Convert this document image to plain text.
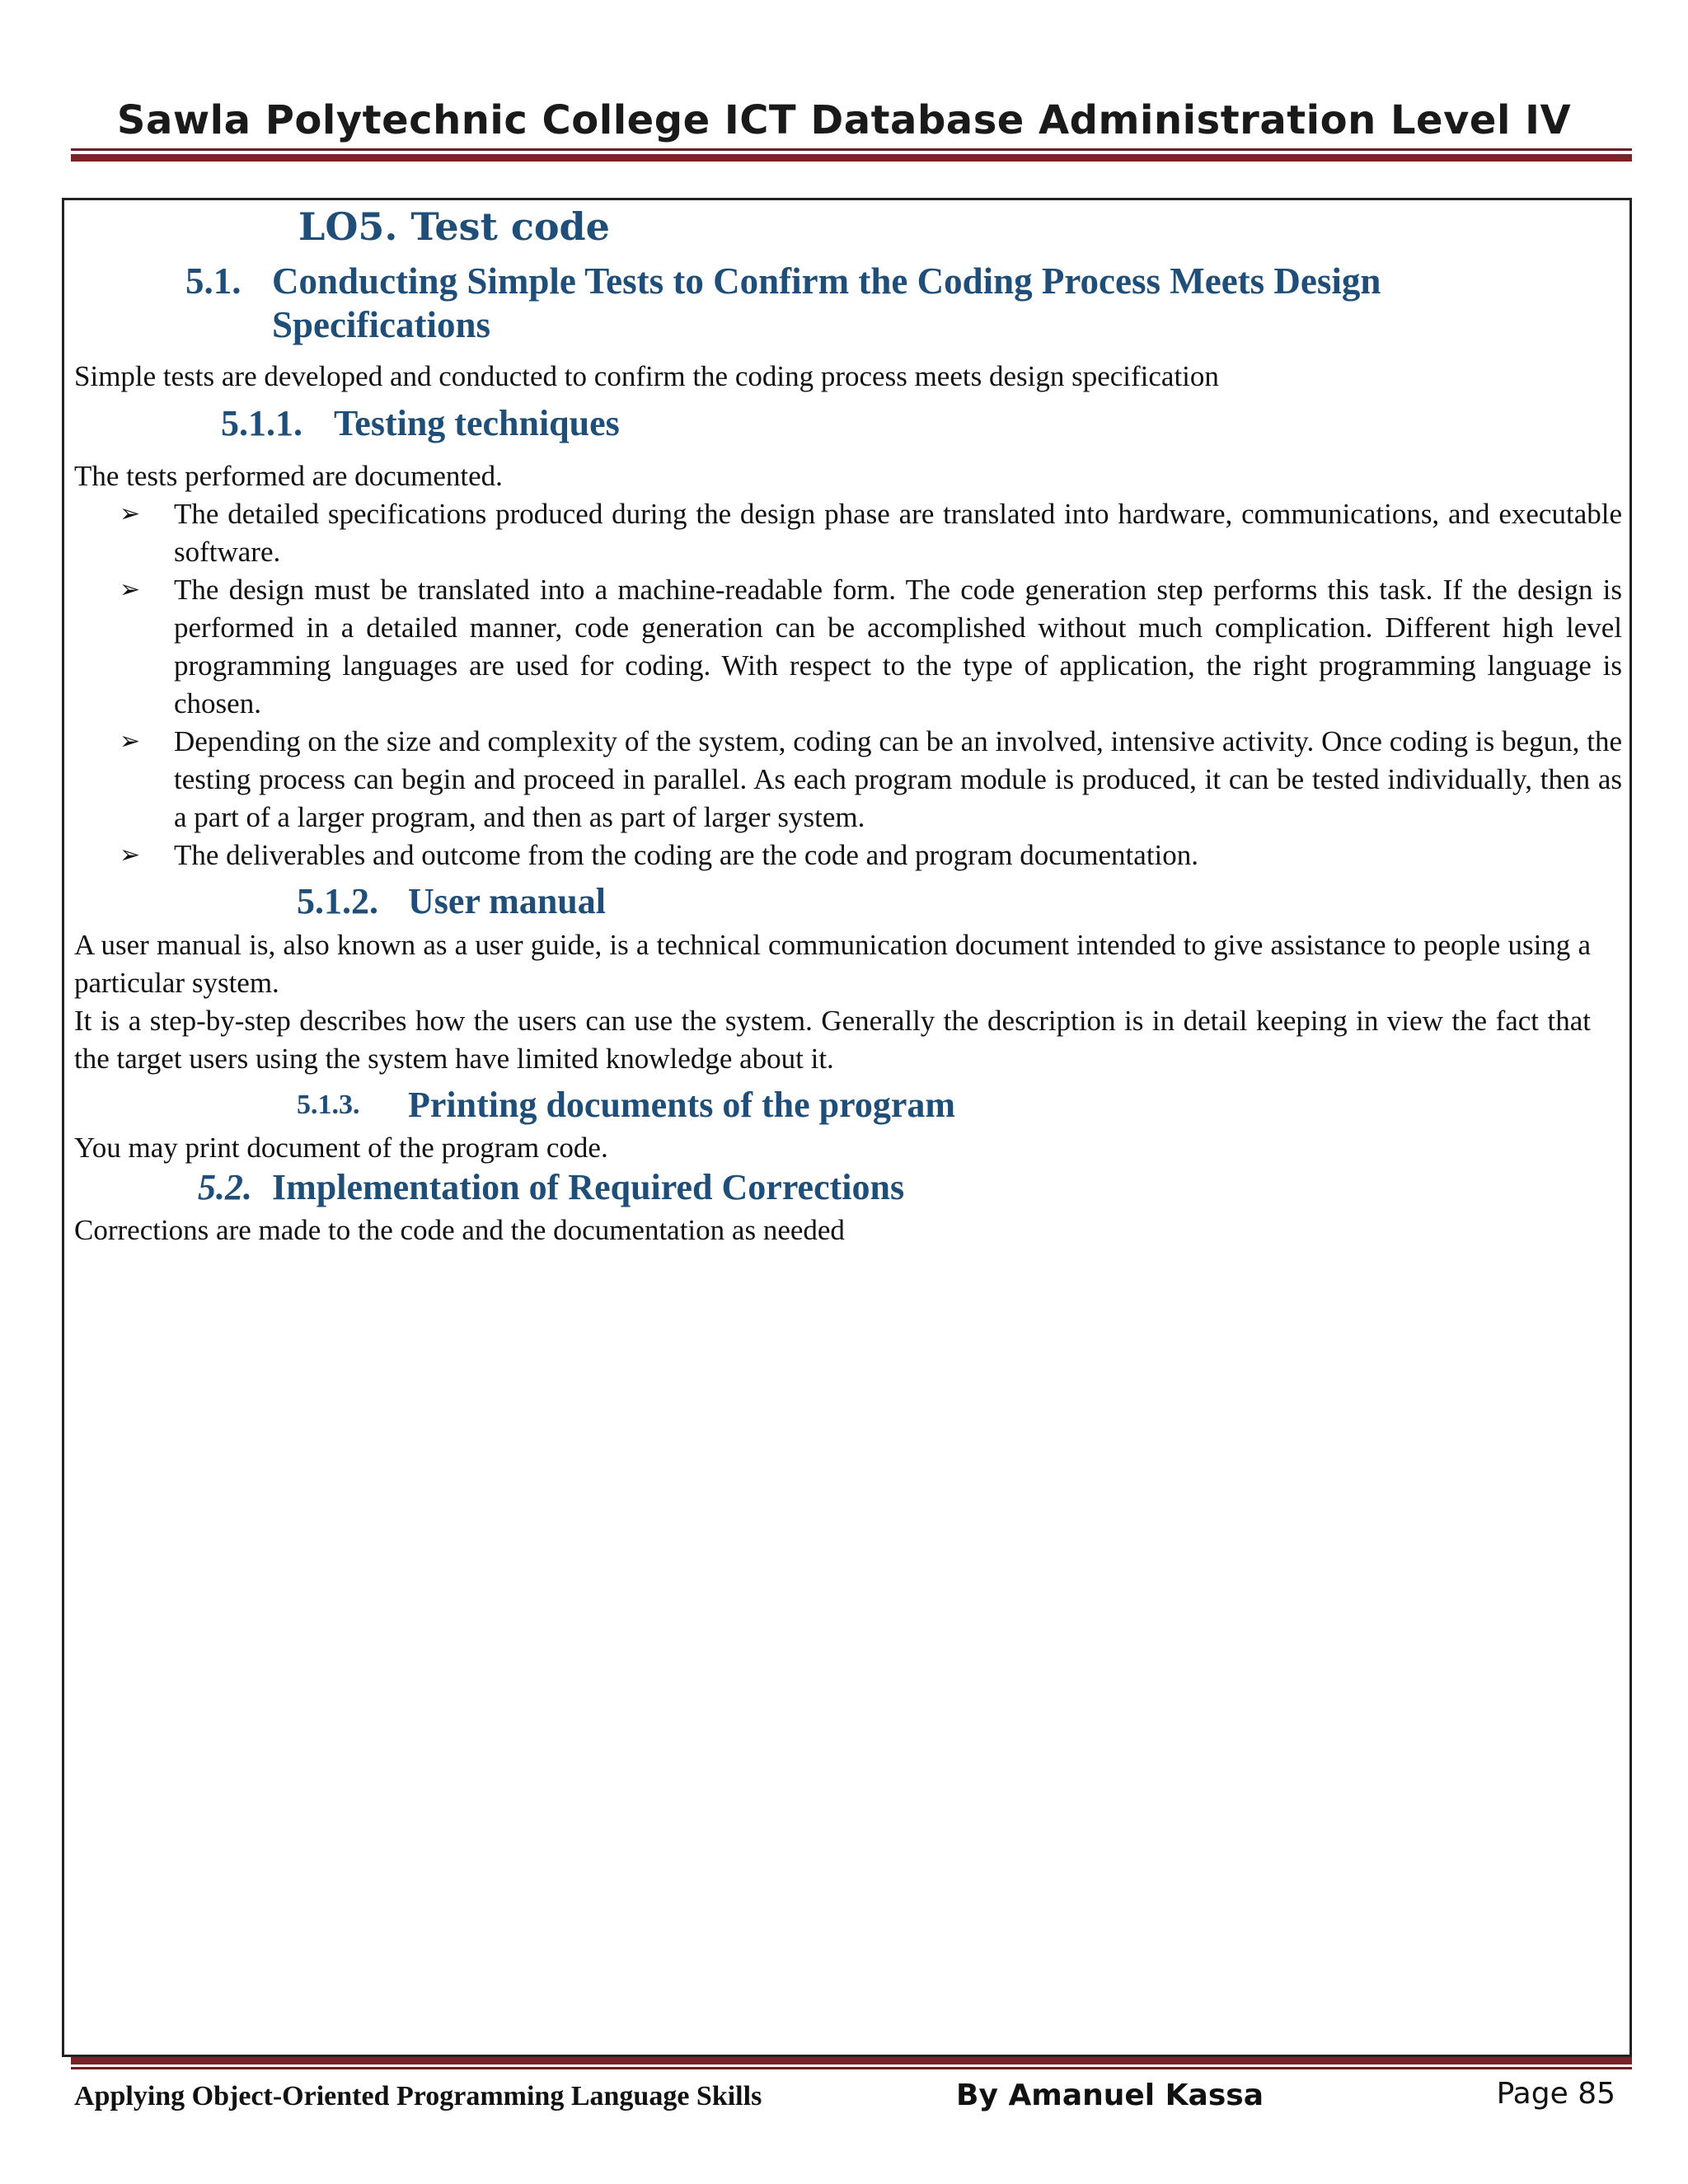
Sawla Polytechnic College ICT Database Administration Level IV
LO5. Test code
5.1. Conducting Simple Tests to Confirm the Coding Process Meets Design
Specifications
Simple tests are developed and conducted to confirm the coding process meets design specification
5.1.1. Testing techniques
The tests performed are documented.
➢ The detailed specifications produced during the design phase are translated into hardware, communications, and executable software.
➢ The design must be translated into a machine-readable form. The code generation step performs this task. If the design is performed in a detailed manner, code generation can be accomplished without much complication. Different high level programming languages are used for coding. With respect to the type of application, the right programming language is chosen.
➢ Depending on the size and complexity of the system, coding can be an involved, intensive activity. Once coding is begun, the testing process can begin and proceed in parallel. As each program module is produced, it can be tested individually, then as a part of a larger program, and then as part of larger system.
➢ The deliverables and outcome from the coding are the code and program documentation.
5.1.2. User manual
A user manual is, also known as a user guide, is a technical communication document intended to give assistance to people using a particular system.
It is a step-by-step describes how the users can use the system. Generally the description is in detail keeping in view the fact that the target users using the system have limited knowledge about it.
5.1.3. Printing documents of the program
You may print document of the program code.
5.2. Implementation of Required Corrections
Corrections are made to the code and the documentation as needed
Applying Object-Oriented Programming Language Skills	By Amanuel Kassa	Page 85
